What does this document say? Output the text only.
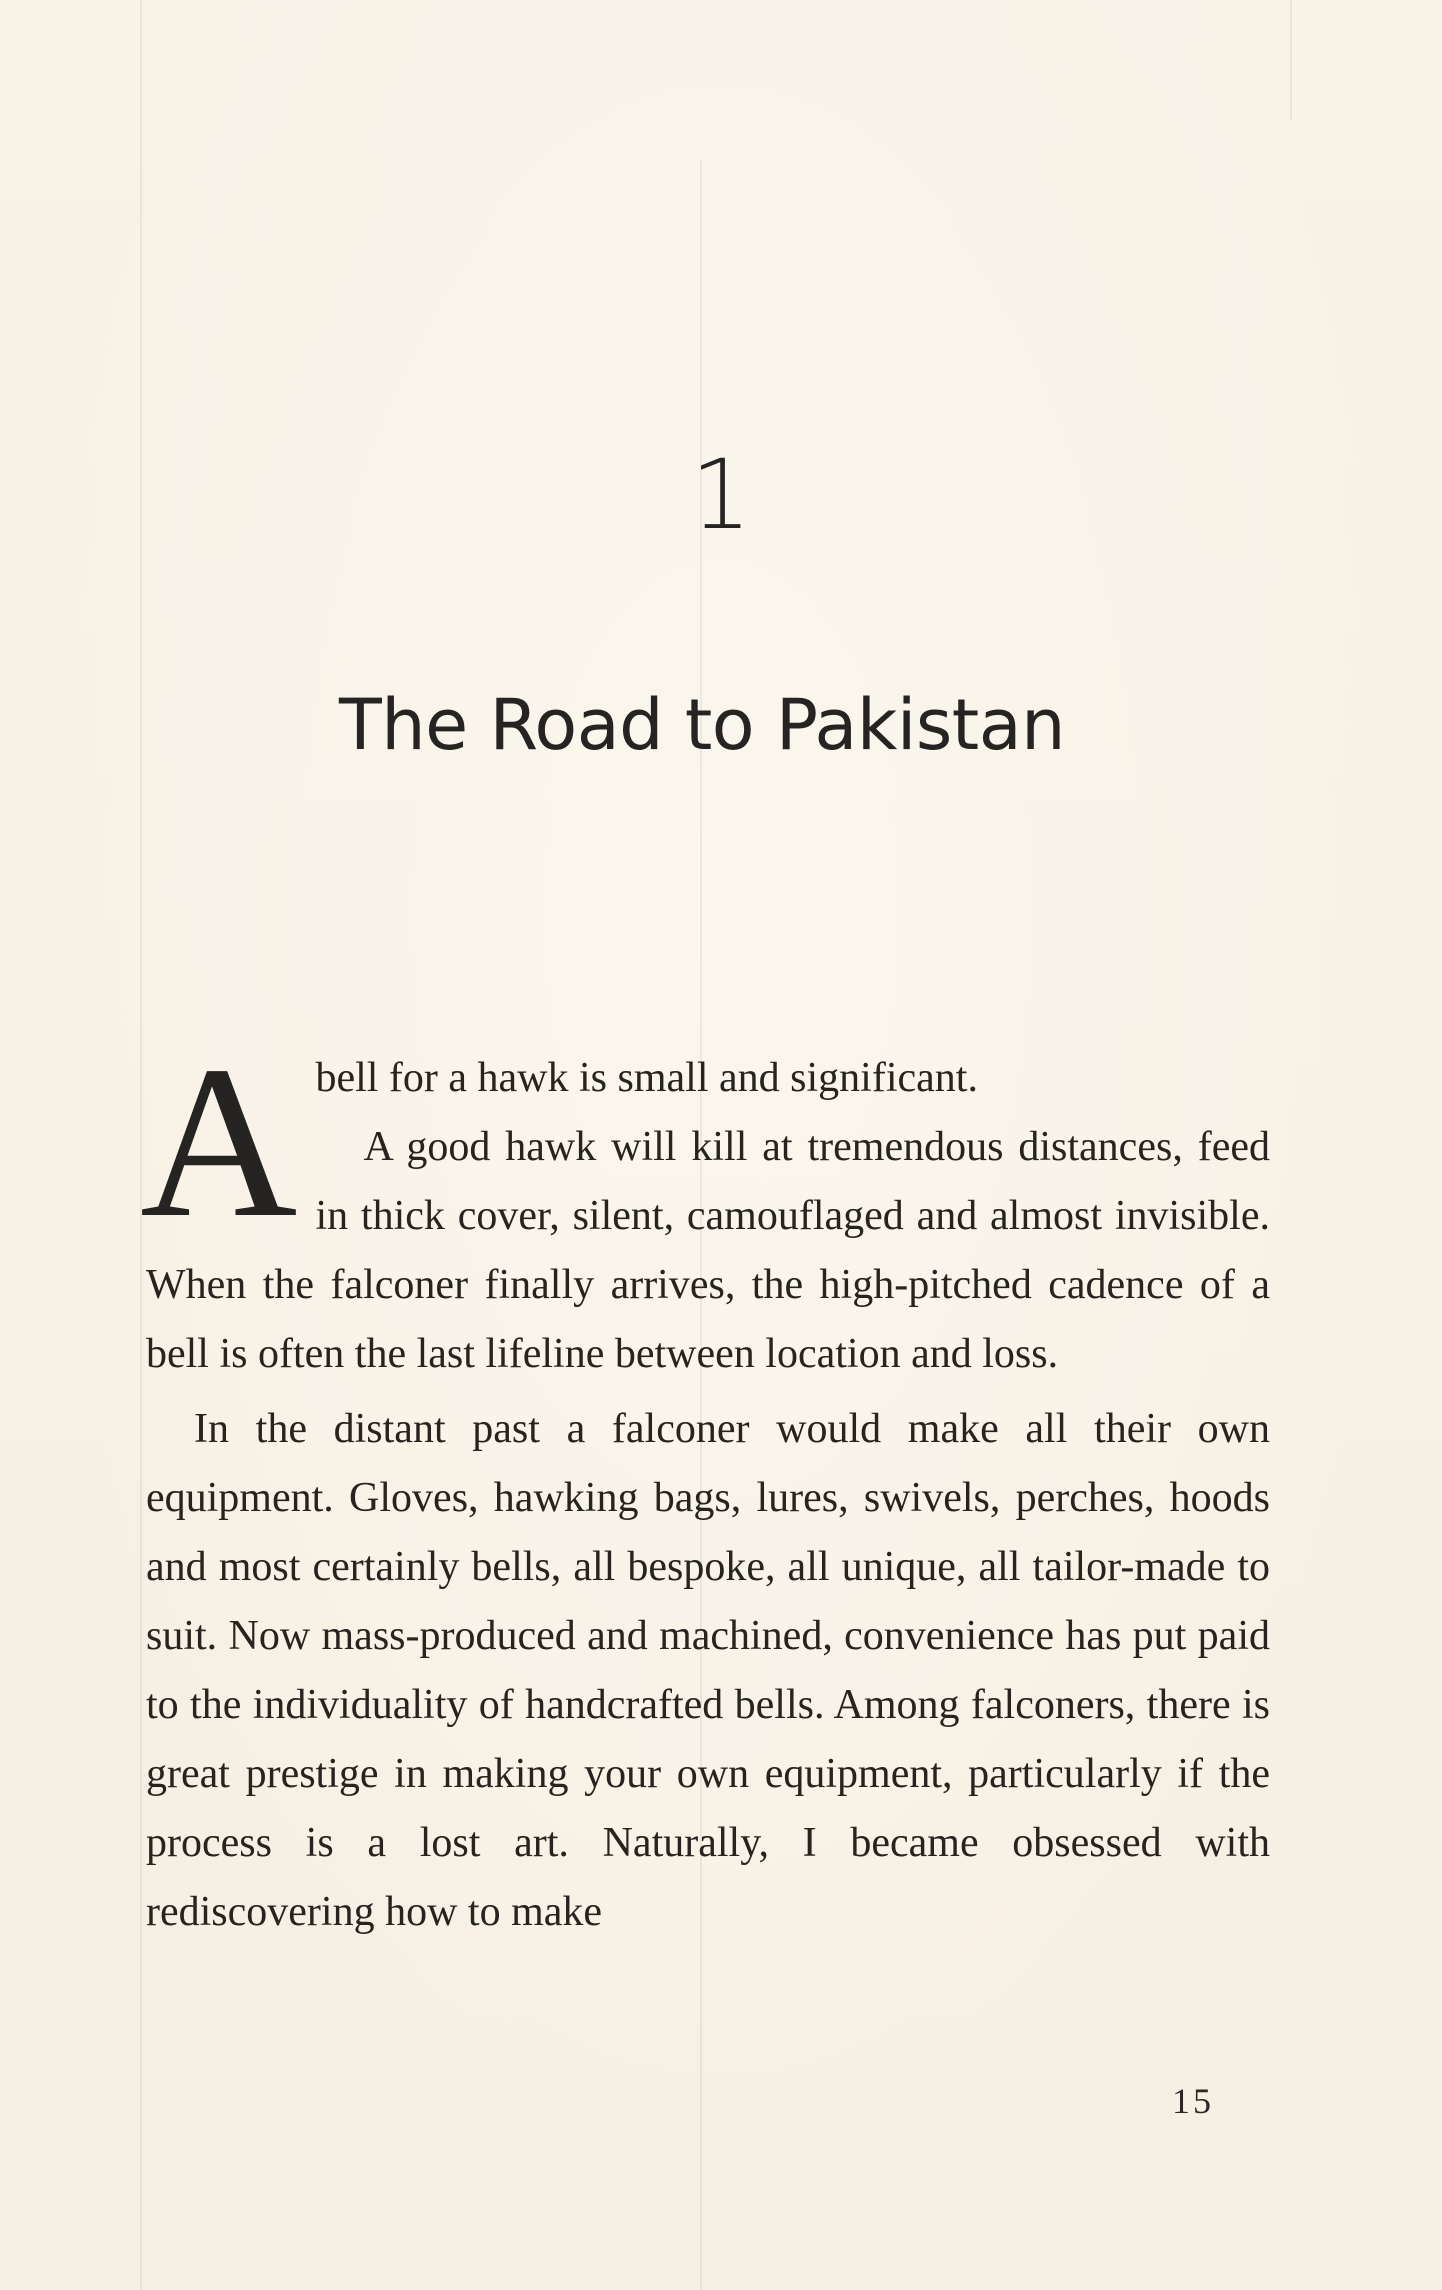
1
The Road to Pakistan

A bell for a hawk is small and significant.
A good hawk will kill at tremendous distances, feed in thick cover, silent, camouflaged and almost invisible. When the falconer finally arrives, the high-pitched cadence of a bell is often the last lifeline between location and loss.

In the distant past a falconer would make all their own equipment. Gloves, hawking bags, lures, swivels, perches, hoods and most certainly bells, all bespoke, all unique, all tailor-made to suit. Now mass-produced and machined, convenience has put paid to the individuality of handcrafted bells. Among falconers, there is great prestige in making your own equipment, particularly if the process is a lost art. Naturally, I became obsessed with rediscovering how to make

15
